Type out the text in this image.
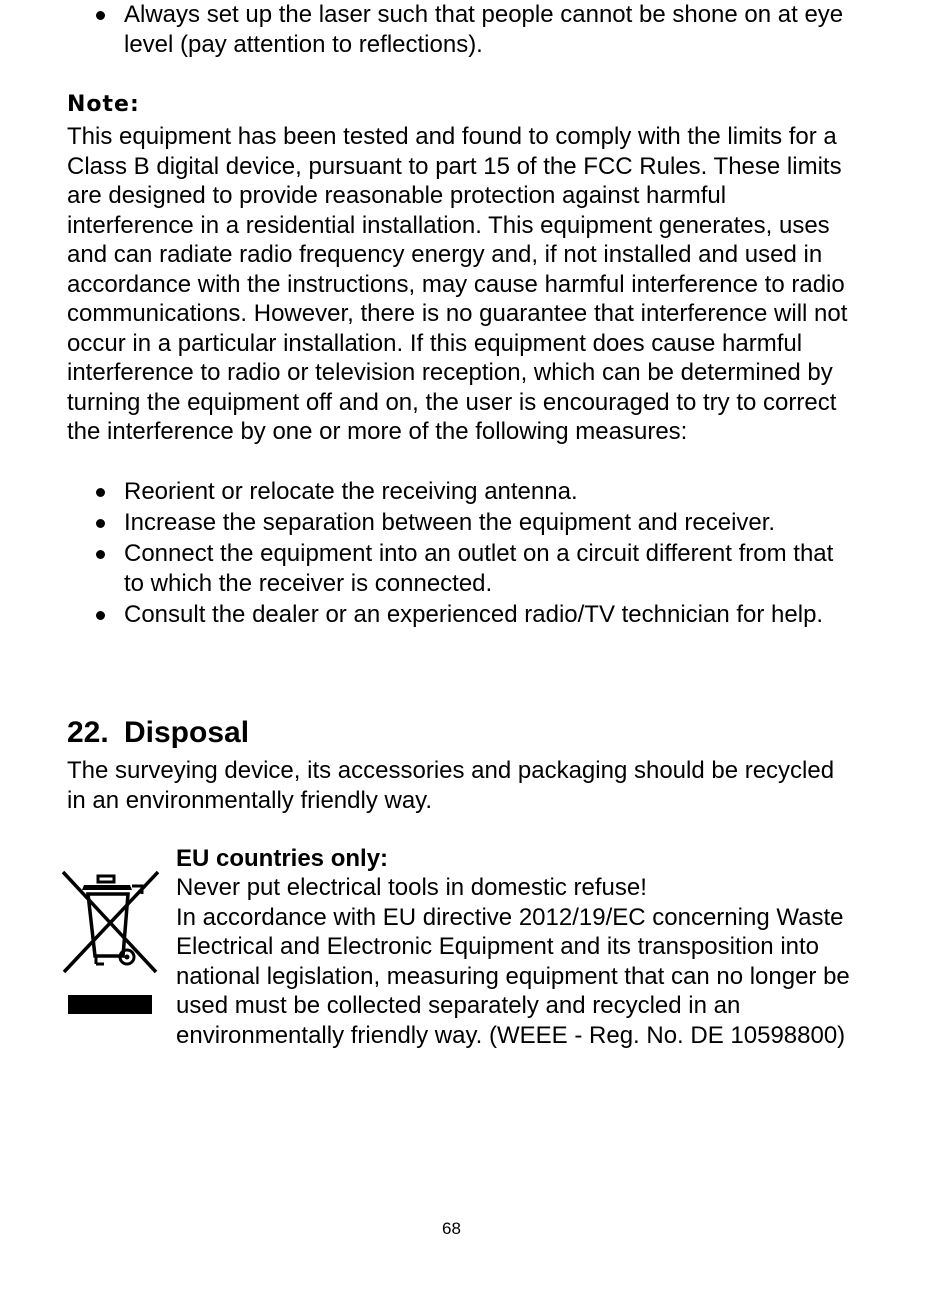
Always set up the laser such that people cannot be shone on at eye level (pay attention to reflections).
Note:

This equipment has been tested and found to comply with the limits for a Class B digital device, pursuant to part 15 of the FCC Rules. These limits are designed to provide reasonable protection against harmful interference in a residential installation. This equipment generates, uses and can radiate radio frequency energy and, if not installed and used in accordance with the instructions, may cause harmful interference to radio communications. However, there is no guarantee that interference will not occur in a particular installation. If this equipment does cause harmful interference to radio or television reception, which can be determined by turning the equipment off and on, the user is encouraged to try to correct the interference by one or more of the following measures:

Reorient or relocate the receiving antenna.
Increase the separation between the equipment and receiver.
Connect the equipment into an outlet on a circuit different from that to which the receiver is connected.
Consult the dealer or an experienced radio/TV technician for help.
22. Disposal

The surveying device, its accessories and packaging should be recycled in an environmentally friendly way.

EU countries only:

Never put electrical tools in domestic refuse!
In accordance with EU directive 2012/19/EC concerning Waste Electrical and Electronic Equipment and its transposition into national legislation, measuring equipment that can no longer be used must be collected separately and recycled in an environmentally friendly way. (WEEE - Reg. No. DE 10598800)

68
